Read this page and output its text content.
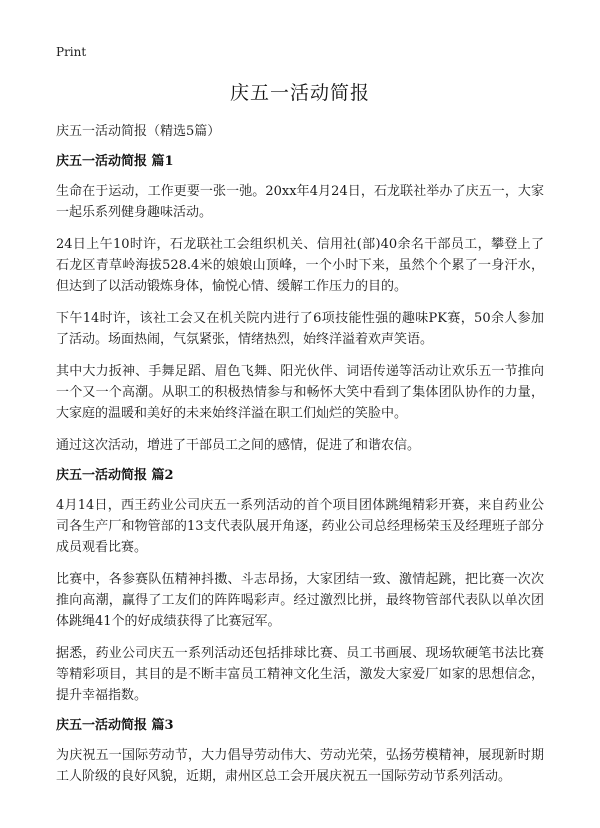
Print
庆五一活动简报

庆五一活动简报（精选5篇）

庆五一活动简报 篇1

生命在于运动，工作更要一张一弛。20xx年4月24日，石龙联社举办了庆五一，大家一起乐系列健身趣味活动。

24日上午10时许，石龙联社工会组织机关、信用社(部)40余名干部员工，攀登上了石龙区青草岭海拔528.4米的娘娘山顶峰，一个小时下来，虽然个个累了一身汗水，但达到了以活动锻炼身体，愉悦心情、缓解工作压力的目的。

下午14时许，该社工会又在机关院内进行了6项技能性强的趣味PK赛，50余人参加了活动。场面热闹，气氛紧张，情绪热烈，始终洋溢着欢声笑语。

其中大力扳神、手舞足蹈、眉色飞舞、阳光伙伴、词语传递等活动让欢乐五一节推向一个又一个高潮。从职工的积极热情参与和畅怀大笑中看到了集体团队协作的力量，大家庭的温暖和美好的未来始终洋溢在职工们灿烂的笑脸中。

通过这次活动，增进了干部员工之间的感情，促进了和谐农信。

庆五一活动简报 篇2

4月14日，西王药业公司庆五一系列活动的首个项目团体跳绳精彩开赛，来自药业公司各生产厂和物管部的13支代表队展开角逐，药业公司总经理杨荣玉及经理班子部分成员观看比赛。

比赛中，各参赛队伍精神抖擞、斗志昂扬，大家团结一致、激情起跳，把比赛一次次推向高潮，赢得了工友们的阵阵喝彩声。经过激烈比拼，最终物管部代表队以单次团体跳绳41个的好成绩获得了比赛冠军。

据悉，药业公司庆五一系列活动还包括排球比赛、员工书画展、现场软硬笔书法比赛等精彩项目，其目的是不断丰富员工精神文化生活，激发大家爱厂如家的思想信念，提升幸福指数。

庆五一活动简报 篇3

为庆祝五一国际劳动节，大力倡导劳动伟大、劳动光荣，弘扬劳模精神，展现新时期工人阶级的良好风貌，近期，肃州区总工会开展庆祝五一国际劳动节系列活动。
